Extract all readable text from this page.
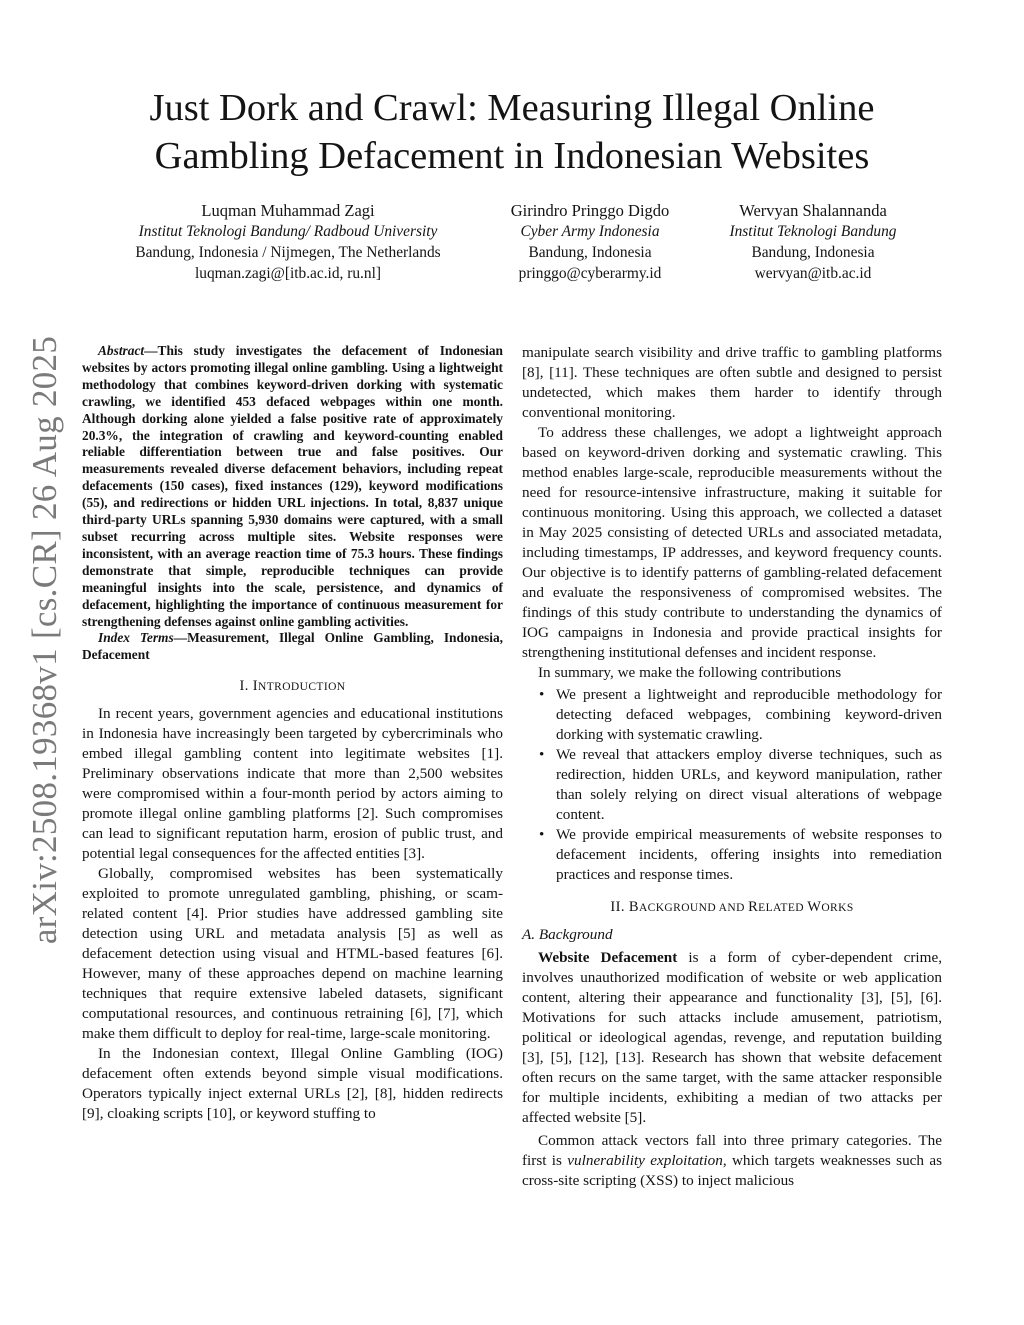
Just Dork and Crawl: Measuring Illegal Online
Gambling Defacement in Indonesian Websites
Luqman Muhammad Zagi
Institut Teknologi Bandung/ Radboud University
Bandung, Indonesia / Nijmegen, The Netherlands
luqman.zagi@[itb.ac.id, ru.nl]
Girindro Pringgo Digdo
Cyber Army Indonesia
Bandung, Indonesia
pringgo@cyberarmy.id
Wervyan Shalannanda
Institut Teknologi Bandung
Bandung, Indonesia
wervyan@itb.ac.id
arXiv:2508.19368v1 [cs.CR] 26 Aug 2025	Abstract—This study investigates the defacement of Indonesian websites by actors promoting illegal online gambling. Using a lightweight methodology that combines keyword-driven dorking with systematic crawling, we identified 453 defaced webpages within one month. Although dorking alone yielded a false positive rate of approximately 20.3%, the integration of crawling and keyword-counting enabled reliable differentiation between true and false positives. Our measurements revealed diverse defacement behaviors, including repeat defacements (150 cases), fixed instances (129), keyword modifications (55), and redirections or hidden URL injections. In total, 8,837 unique third-party URLs spanning 5,930 domains were captured, with a small subset recurring across multiple sites. Website responses were inconsistent, with an average reaction time of 75.3 hours. These findings demonstrate that simple, reproducible techniques can provide meaningful insights into the scale, persistence, and dynamics of defacement, highlighting the importance of continuous measurement for strengthening defenses against online gambling activities.

Index Terms—Measurement, Illegal Online Gambling, Indonesia, Defacement

I. INTRODUCTION

In recent years, government agencies and educational institutions in Indonesia have increasingly been targeted by cybercriminals who embed illegal gambling content into legitimate websites [1]. Preliminary observations indicate that more than 2,500 websites were compromised within a four-month period by actors aiming to promote illegal online gambling platforms [2]. Such compromises can lead to significant reputation harm, erosion of public trust, and potential legal consequences for the affected entities [3].

Globally, compromised websites has been systematically exploited to promote unregulated gambling, phishing, or scam-related content [4]. Prior studies have addressed gambling site detection using URL and metadata analysis [5] as well as defacement detection using visual and HTML-based features [6]. However, many of these approaches depend on machine learning techniques that require extensive labeled datasets, significant computational resources, and continuous retraining [6], [7], which make them difficult to deploy for real-time, large-scale monitoring.

In the Indonesian context, Illegal Online Gambling (IOG) defacement often extends beyond simple visual modifications. Operators typically inject external URLs [2], [8], hidden redirects [9], cloaking scripts [10], or keyword stuffing to

manipulate search visibility and drive traffic to gambling platforms [8], [11]. These techniques are often subtle and designed to persist undetected, which makes them harder to identify through conventional monitoring.

To address these challenges, we adopt a lightweight approach based on keyword-driven dorking and systematic crawling. This method enables large-scale, reproducible measurements without the need for resource-intensive infrastructure, making it suitable for continuous monitoring. Using this approach, we collected a dataset in May 2025 consisting of detected URLs and associated metadata, including timestamps, IP addresses, and keyword frequency counts. Our objective is to identify patterns of gambling-related defacement and evaluate the responsiveness of compromised websites. The findings of this study contribute to understanding the dynamics of IOG campaigns in Indonesia and provide practical insights for strengthening institutional defenses and incident response.

In summary, we make the following contributions

• We present a lightweight and reproducible methodology for detecting defaced webpages, combining keyword-driven dorking with systematic crawling.
• We reveal that attackers employ diverse techniques, such as redirection, hidden URLs, and keyword manipulation, rather than solely relying on direct visual alterations of webpage content.
• We provide empirical measurements of website responses to defacement incidents, offering insights into remediation practices and response times.
II. BACKGROUND AND RELATED WORKS
A. Background

Website Defacement is a form of cyber-dependent crime, involves unauthorized modification of website or web application content, altering their appearance and functionality [3], [5], [6]. Motivations for such attacks include amusement, patriotism, political or ideological agendas, revenge, and reputation building [3], [5], [12], [13]. Research has shown that website defacement often recurs on the same target, with the same attacker responsible for multiple incidents, exhibiting a median of two attacks per affected website [5].

Common attack vectors fall into three primary categories. The first is vulnerability exploitation, which targets weaknesses such as cross-site scripting (XSS) to inject malicious
